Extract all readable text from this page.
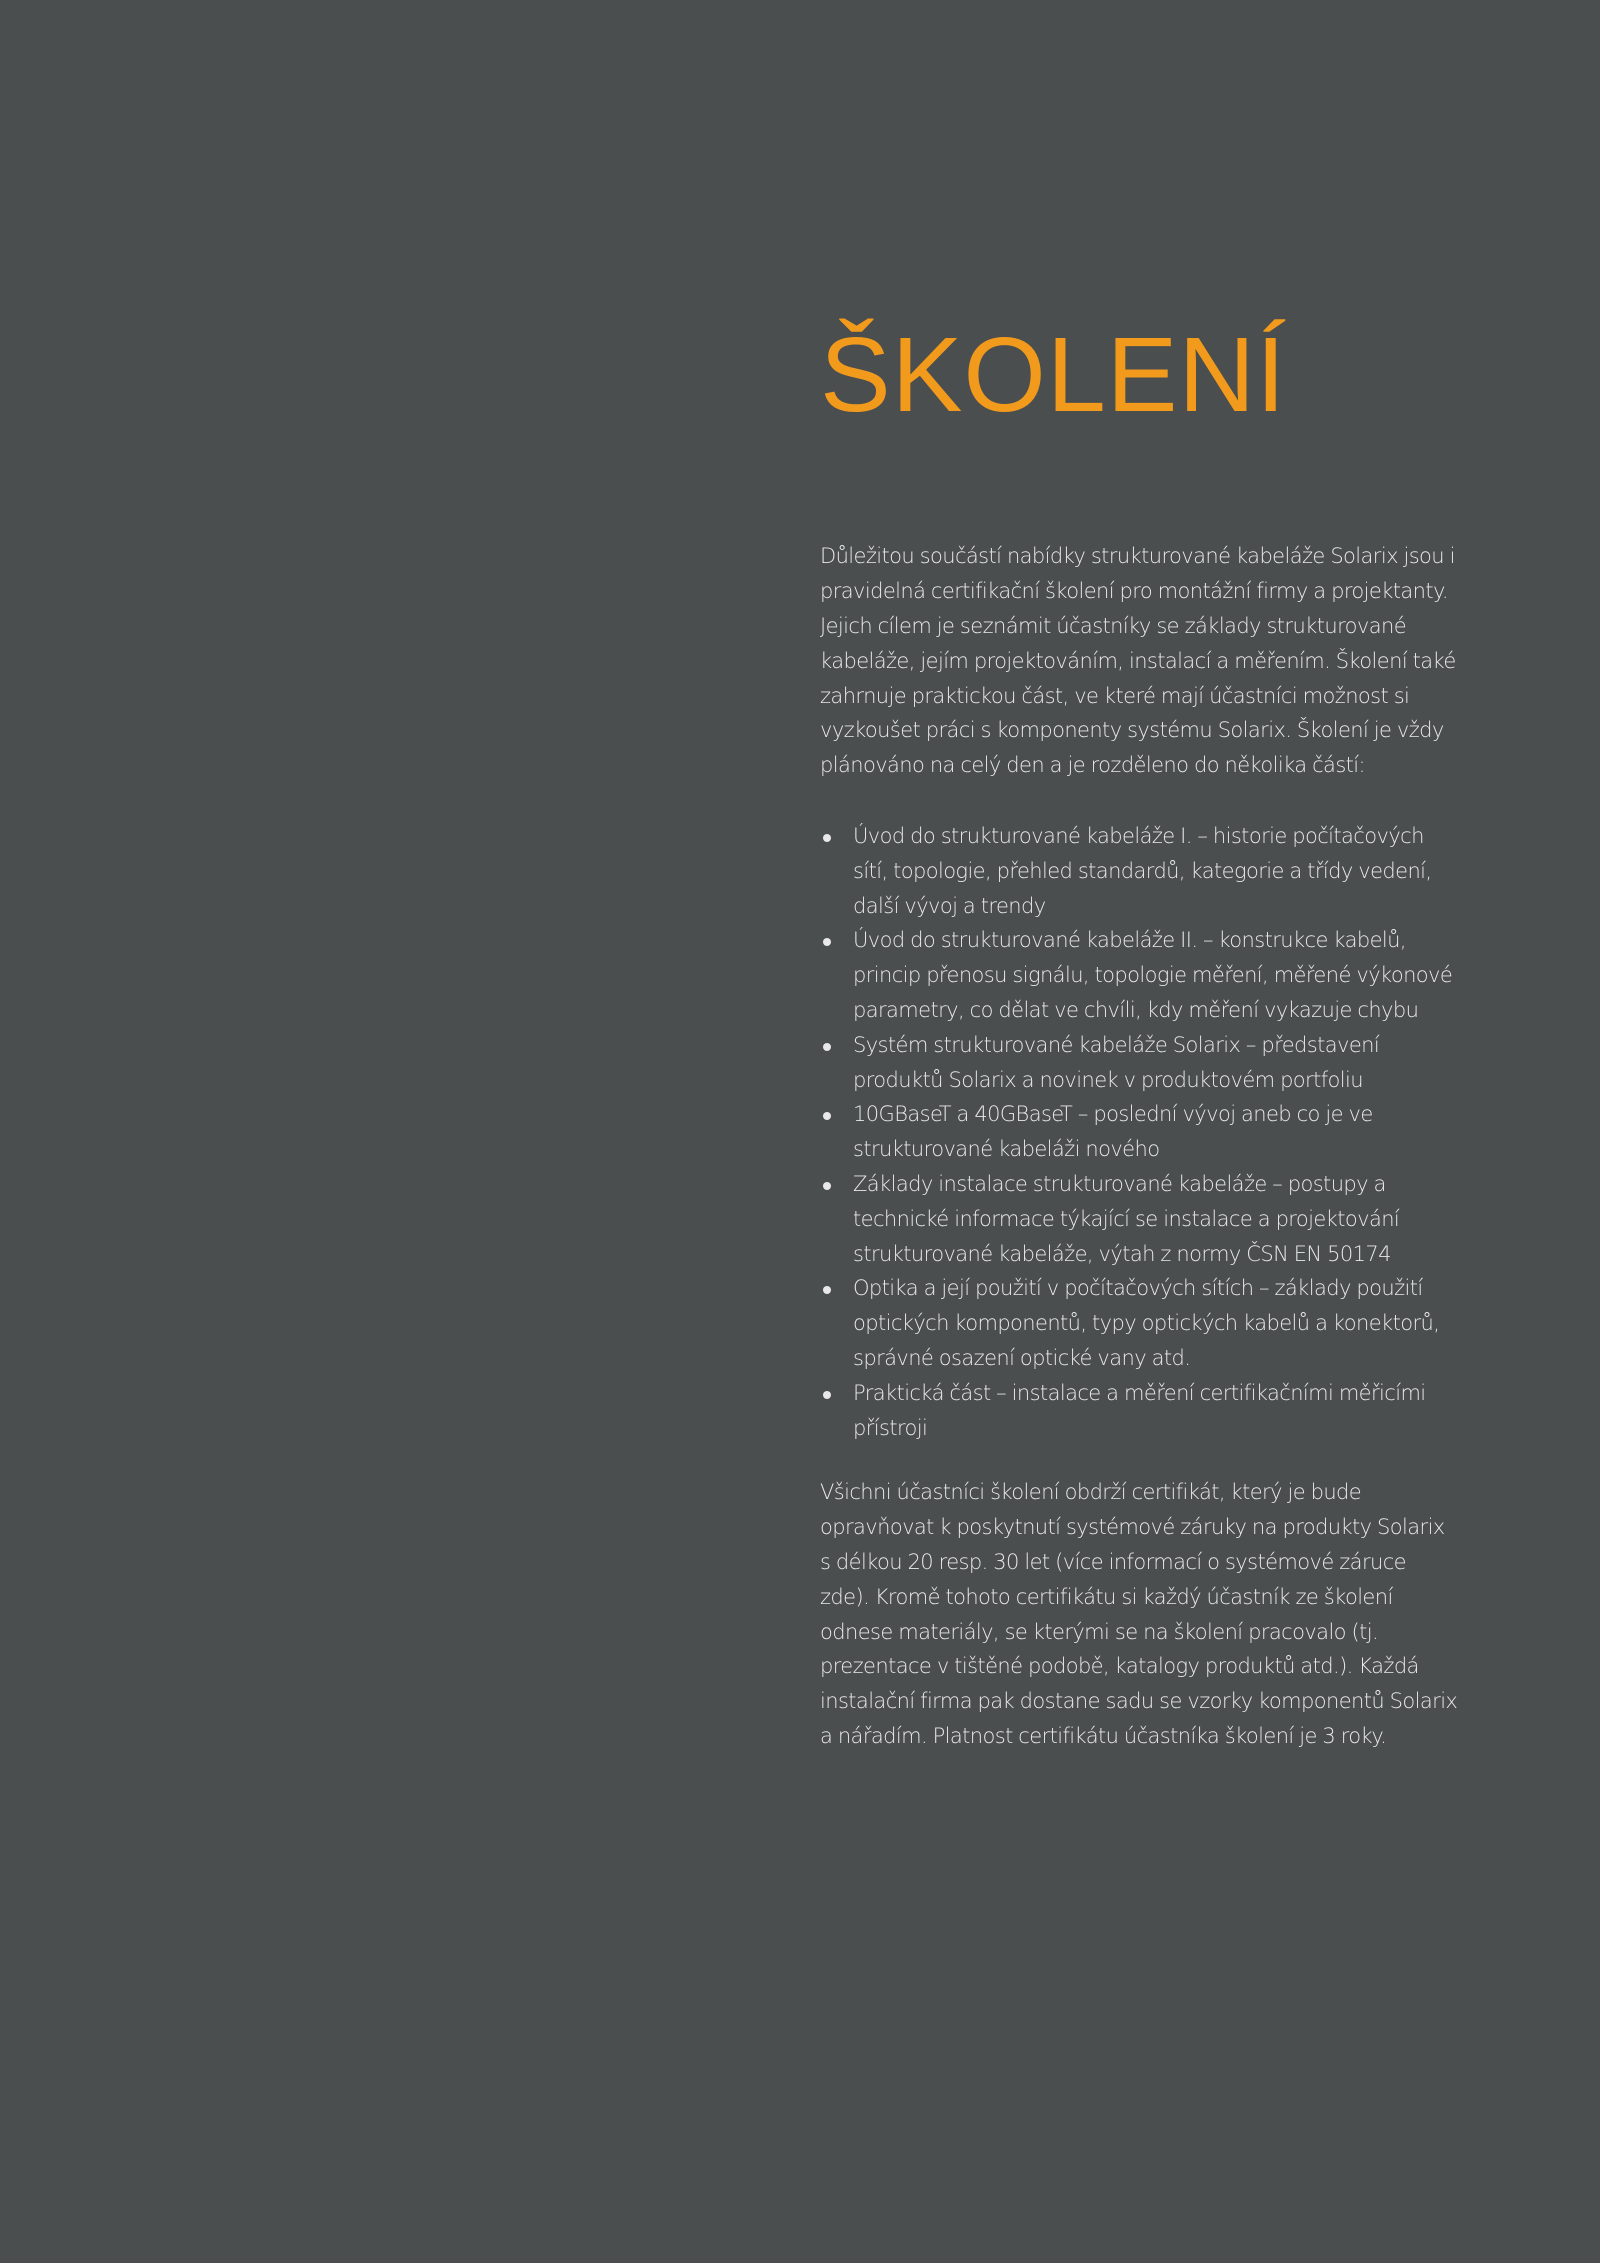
ŠKOLENÍ

Důležitou součástí nabídky strukturované kabeláže Solarix jsou i pravidelná certifikační školení pro montážní firmy a projektanty. Jejich cílem je seznámit účastníky se základy strukturované kabeláže, jejím projektováním, instalací a měřením. Školení také zahrnuje praktickou část, ve které mají účastníci možnost si vyzkoušet práci s komponenty systému Solarix. Školení je vždy plánováno na celý den a je rozděleno do několika částí:

Úvod do strukturované kabeláže I. – historie počítačových sítí, topologie, přehled standardů, kategorie a třídy vedení, další vývoj a trendy
Úvod do strukturované kabeláže II. – konstrukce kabelů, princip přenosu signálu, topologie měření, měřené výkonové parametry, co dělat ve chvíli, kdy měření vykazuje chybu
Systém strukturované kabeláže Solarix – představení produktů Solarix a novinek v produktovém portfoliu
10GBaseT a 40GBaseT – poslední vývoj aneb co je ve strukturované kabeláži nového
Základy instalace strukturované kabeláže – postupy a technické informace týkající se instalace a projektování strukturované kabeláže, výtah z normy ČSN EN 50174
Optika a její použití v počítačových sítích – základy použití optických komponentů, typy optických kabelů a konektorů, správné osazení optické vany atd.
Praktická část – instalace a měření certifikačními měřicími přístroji

Všichni účastníci školení obdrží certifikát, který je bude opravňovat k poskytnutí systémové záruky na produkty Solarix s délkou 20 resp. 30 let (více informací o systémové záruce zde). Kromě tohoto certifikátu si každý účastník ze školení odnese materiály, se kterými se na školení pracovalo (tj. prezentace v tištěné podobě, katalogy produktů atd.). Každá instalační firma pak dostane sadu se vzorky komponentů Solarix a nářadím. Platnost certifikátu účastníka školení je 3 roky.
